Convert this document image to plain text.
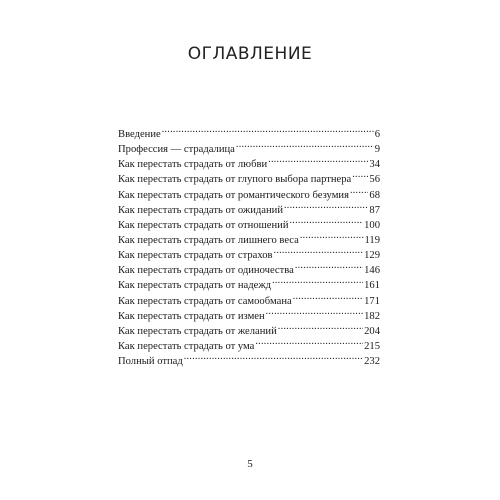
ОГЛАВЛЕНИЕ
Введение .....	6
Профессия — страдалица .....	9
Как перестать страдать от любви .....	34
Как перестать страдать от глупого выбора партнера ..... 56
Как перестать страдать от романтического безумия ..... 68
Как перестать страдать от ожиданий .....	87
Как перестать страдать от отношений .....	100
Как перестать страдать от лишнего веса .....	119
Как перестать страдать от страхов .....	129
Как перестать страдать от одиночества .....	146
Как перестать страдать от надежд .....	161
Как перестать страдать от самообмана .....	171
Как перестать страдать от измен .....	182
Как перестать страдать от желаний .....	204
Как перестать страдать от ума .....	215
Полный отпад .....	232
5
